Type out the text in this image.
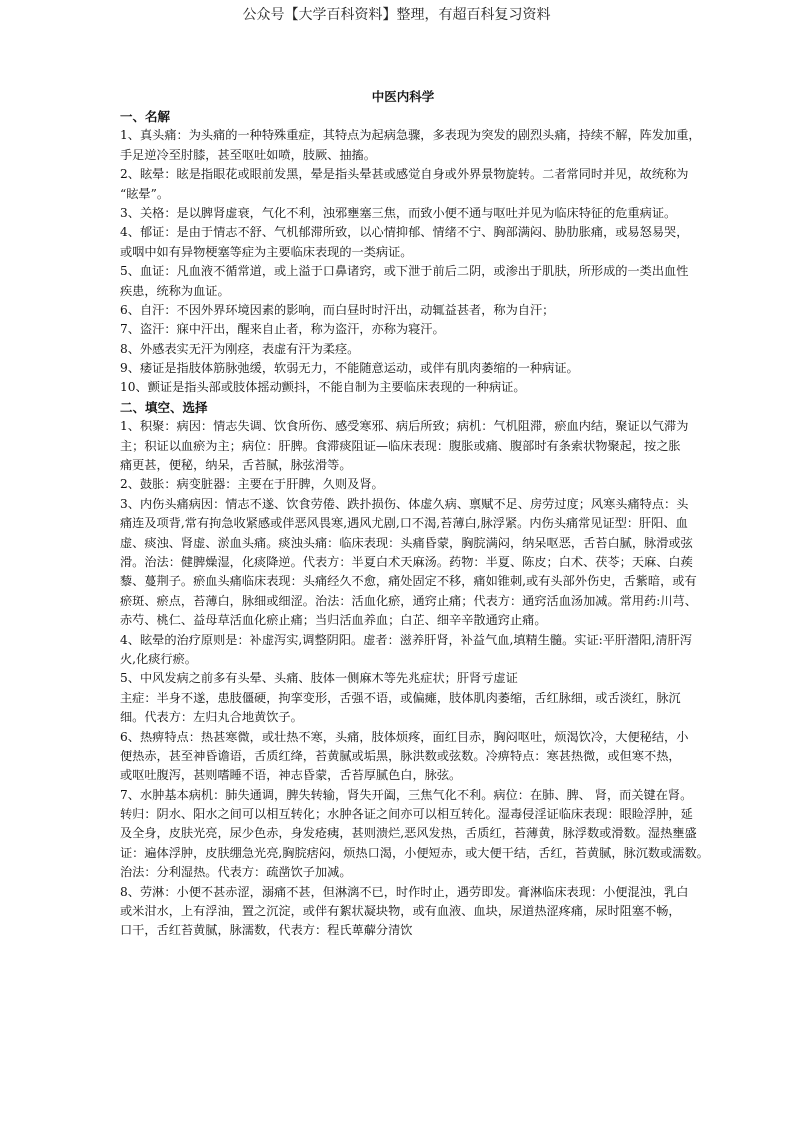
公众号【大学百科资料】整理，有超百科复习资料
中医内科学
一、名解
1、真头痛：为头痛的一种特殊重症，其特点为起病急骤，多表现为突发的剧烈头痛，持续不解，阵发加重，
手足逆冷至肘膝，甚至呕吐如喷，肢厥、抽搐。
2、眩晕：眩是指眼花或眼前发黑，晕是指头晕甚或感觉自身或外界景物旋转。二者常同时并见，故统称为
“眩晕”。
3、关格：是以脾肾虚衰，气化不利，浊邪壅塞三焦，而致小便不通与呕吐并见为临床特征的危重病证。
4、郁证：是由于情志不舒、气机郁滞所致，以心情抑郁、情绪不宁、胸部满闷、胁肋胀痛，或易怒易哭，
或咽中如有异物梗塞等症为主要临床表现的一类病证。
5、血证：凡血液不循常道，或上溢于口鼻诸窍，或下泄于前后二阴，或渗出于肌肤，所形成的一类出血性
疾患，统称为血证。
6、自汗：不因外界环境因素的影响，而白昼时时汗出，动辄益甚者，称为自汗；
7、盗汗：寐中汗出，醒来自止者，称为盗汗，亦称为寝汗。
8、外感表实无汗为刚痉，表虚有汗为柔痉。
9、痿证是指肢体筋脉弛缓，软弱无力，不能随意运动，或伴有肌肉萎缩的一种病证。
10、颤证是指头部或肢体摇动颤抖，不能自制为主要临床表现的一种病证。
二、填空、选择
1、积聚：病因：情志失调、饮食所伤、感受寒邪、病后所致；病机：气机阻滞，瘀血内结，聚证以气滞为
主；积证以血瘀为主；病位：肝脾。食滞痰阻证—临床表现：腹胀或痛、腹部时有条索状物聚起，按之胀
痛更甚，便秘，纳呆，舌苔腻，脉弦滑等。
2、鼓胀：病变脏器：主要在于肝脾，久则及肾。
3、内伤头痛病因：情志不遂、饮食劳倦、跌扑损伤、体虚久病、禀赋不足、房劳过度；风寒头痛特点：头
痛连及项背,常有拘急收紧感或伴恶风畏寒,遇风尤剧,口不渴,苔薄白,脉浮紧。内伤头痛常见证型：肝阳、血
虚、痰浊、肾虚、淤血头痛。痰浊头痛：临床表现：头痛昏蒙，胸脘满闷，纳呆呕恶，舌苔白腻，脉滑或弦
滑。治法：健脾燥湿，化痰降逆。代表方：半夏白术天麻汤。药物：半夏、陈皮；白术、茯苓；天麻、白蒺
藜、蔓荆子。瘀血头痛临床表现：头痛经久不愈，痛处固定不移，痛如锥刺,或有头部外伤史，舌紫暗，或有
瘀斑、瘀点，苔薄白，脉细或细涩。治法：活血化瘀，通窍止痛；代表方：通窍活血汤加减。常用药:川芎、
赤芍、桃仁、益母草活血化瘀止痛；当归活血养血；白芷、细辛辛散通窍止痛。
4、眩晕的治疗原则是：补虚泻实,调整阴阳。虚者：滋养肝肾，补益气血,填精生髓。实证:平肝潜阳,清肝泻
火,化痰行瘀。
5、中风发病之前多有头晕、头痛、肢体一侧麻木等先兆症状；肝肾亏虚证
主症：半身不遂，患肢僵硬，拘挛变形，舌强不语，或偏瘫，肢体肌肉萎缩，舌红脉细，或舌淡红，脉沉
细。代表方：左归丸合地黄饮子。
6、热痹特点：热甚寒微，或壮热不寒，头痛，肢体烦疼，面红目赤，胸闷呕吐，烦渴饮冷，大便秘结，小
便热赤，甚至神昏谵语，舌质红绛，苔黄腻或垢黑，脉洪数或弦数。冷痹特点：寒甚热微，或但寒不热，
或呕吐腹泻，甚则嗜睡不语，神志昏蒙，舌苔厚腻色白，脉弦。
7、水肿基本病机：肺失通调，脾失转输，肾失开阖，三焦气化不利。病位：在肺、脾、 肾，而关键在肾。
转归：阴水、阳水之间可以相互转化；水肿各证之间亦可以相互转化。湿毒侵淫证临床表现：眼睑浮肿，延
及全身，皮肤光亮，尿少色赤，身发疮痍，甚则溃烂,恶风发热，舌质红，苔薄黄，脉浮数或滑数。湿热壅盛
证：遍体浮肿，皮肤绷急光亮,胸脘痞闷，烦热口渴，小便短赤，或大便干结，舌红，苔黄腻，脉沉数或濡数。
治法：分利湿热。代表方：疏凿饮子加减。
8、劳淋：小便不甚赤涩，溺痛不甚，但淋漓不已，时作时止，遇劳即发。膏淋临床表现：小便混浊，乳白
或米泔水，上有浮油，置之沉淀，或伴有絮状凝块物，或有血液、血块，尿道热涩疼痛，尿时阻塞不畅，
口干，舌红苔黄腻，脉濡数，代表方：程氏萆薢分清饮
